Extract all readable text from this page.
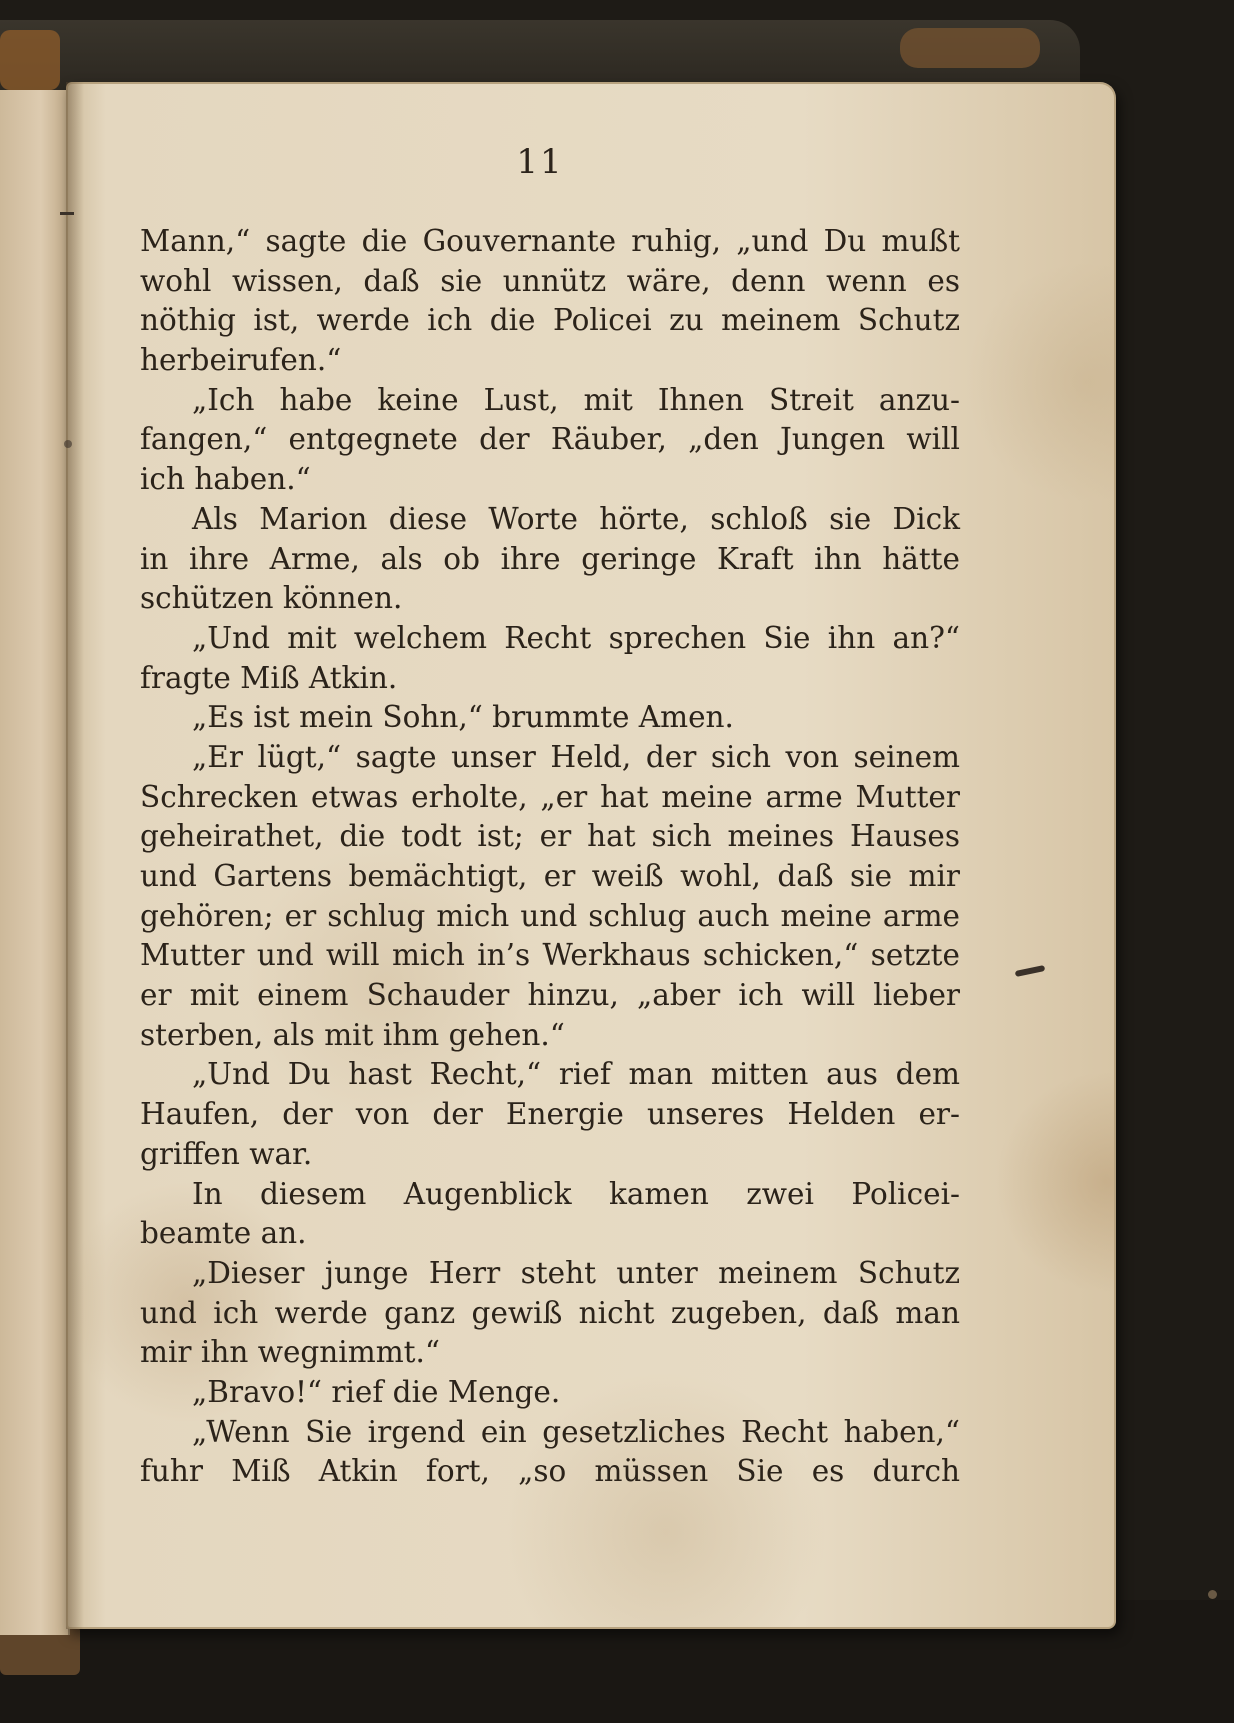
11
Mann,“ sagte die Gouvernante ruhig, „und Du mußt
wohl wissen, daß sie unnütz wäre, denn wenn es
nöthig ist, werde ich die Policei zu meinem Schutz
herbeirufen.“
„Ich habe keine Lust, mit Ihnen Streit anzu-
fangen,“ entgegnete der Räuber, „den Jungen will
ich haben.“
Als Marion diese Worte hörte, schloß sie Dick
in ihre Arme, als ob ihre geringe Kraft ihn hätte
schützen können.
„Und mit welchem Recht sprechen Sie ihn an?“
fragte Miß Atkin.
„Es ist mein Sohn,“ brummte Amen.
„Er lügt,“ sagte unser Held, der sich von seinem
Schrecken etwas erholte, „er hat meine arme Mutter
geheirathet, die todt ist; er hat sich meines Hauses
und Gartens bemächtigt, er weiß wohl, daß sie mir
gehören; er schlug mich und schlug auch meine arme
Mutter und will mich in’s Werkhaus schicken,“ setzte
er mit einem Schauder hinzu, „aber ich will lieber
sterben, als mit ihm gehen.“
„Und Du hast Recht,“ rief man mitten aus dem
Haufen, der von der Energie unseres Helden er-
griffen war.
In diesem Augenblick kamen zwei Policei-
beamte an.
„Dieser junge Herr steht unter meinem Schutz
und ich werde ganz gewiß nicht zugeben, daß man
mir ihn wegnimmt.“
„Bravo!“ rief die Menge.
„Wenn Sie irgend ein gesetzliches Recht haben,“
fuhr Miß Atkin fort, „so müssen Sie es durch
